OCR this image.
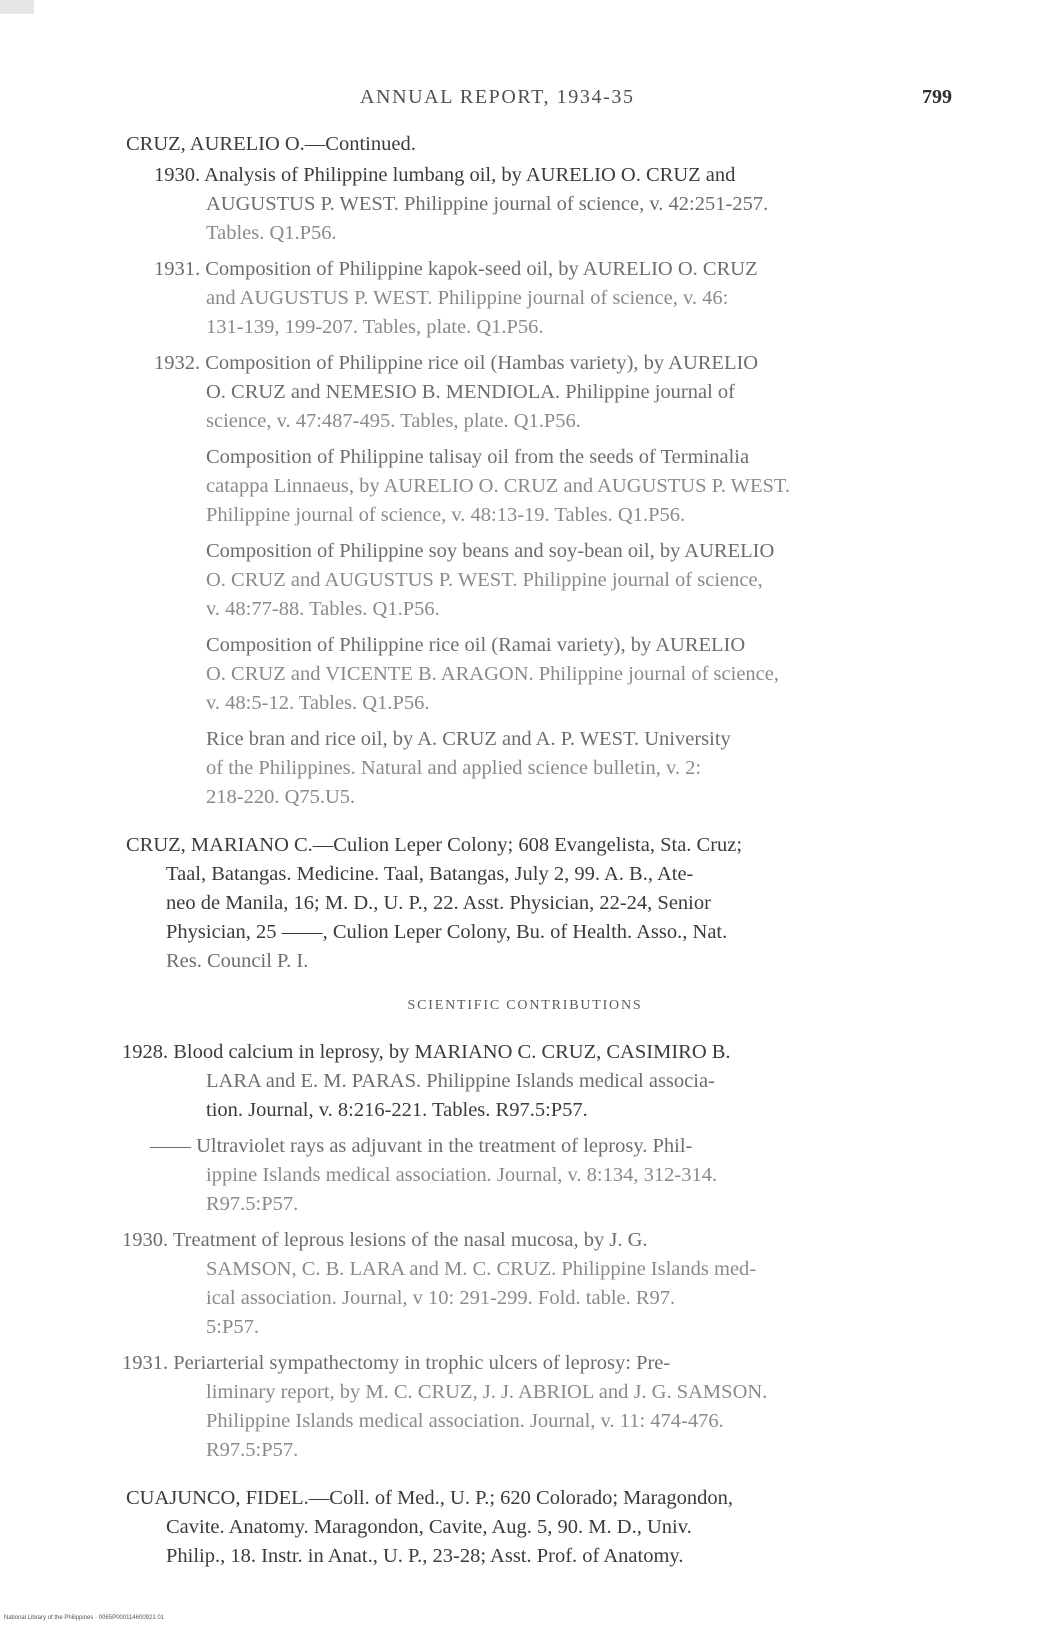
ANNUAL REPORT, 1934-35	799
CRUZ, AURELIO O.—Continued.
1930. Analysis of Philippine lumbang oil, by AURELIO O. CRUZ and
AUGUSTUS P. WEST. Philippine journal of science, v. 42:251-257.
Tables. Q1.P56.
1931. Composition of Philippine kapok-seed oil, by AURELIO O. CRUZ
and AUGUSTUS P. WEST. Philippine journal of science, v. 46:
131-139, 199-207. Tables, plate. Q1.P56.
1932. Composition of Philippine rice oil (Hambas variety), by AURELIO
O. CRUZ and NEMESIO B. MENDIOLA. Philippine journal of
science, v. 47:487-495. Tables, plate. Q1.P56.
Composition of Philippine talisay oil from the seeds of Terminalia
catappa Linnaeus, by AURELIO O. CRUZ and AUGUSTUS P. WEST.
Philippine journal of science, v. 48:13-19. Tables. Q1.P56.
Composition of Philippine soy beans and soy-bean oil, by AURELIO
O. CRUZ and AUGUSTUS P. WEST. Philippine journal of science,
v. 48:77-88. Tables. Q1.P56.
Composition of Philippine rice oil (Ramai variety), by AURELIO
O. CRUZ and VICENTE B. ARAGON. Philippine journal of science,
v. 48:5-12. Tables. Q1.P56.
Rice bran and rice oil, by A. CRUZ and A. P. WEST. University
of the Philippines. Natural and applied science bulletin, v. 2:
218-220. Q75.U5.
CRUZ, MARIANO C.—Culion Leper Colony; 608 Evangelista, Sta. Cruz;
Taal, Batangas. Medicine. Taal, Batangas, July 2, 99. A. B., Ate-
neo de Manila, 16; M. D., U. P., 22. Asst. Physician, 22-24, Senior
Physician, 25 ——, Culion Leper Colony, Bu. of Health. Asso., Nat.
Res. Council P. I.
SCIENTIFIC CONTRIBUTIONS
1928. Blood calcium in leprosy, by MARIANO C. CRUZ, CASIMIRO B.
LARA and E. M. PARAS. Philippine Islands medical associa-
tion. Journal, v. 8:216-221. Tables. R97.5:P57.
—— Ultraviolet rays as adjuvant in the treatment of leprosy. Phil-
ippine Islands medical association. Journal, v. 8:134, 312-314.
R97.5:P57.
1930. Treatment of leprous lesions of the nasal mucosa, by J. G.
SAMSON, C. B. LARA and M. C. CRUZ. Philippine Islands med-
ical association. Journal, v 10: 291-299. Fold. table. R97.
5:P57.
1931. Periarterial sympathectomy in trophic ulcers of leprosy: Pre-
liminary report, by M. C. CRUZ, J. J. ABRIOL and J. G. SAMSON.
Philippine Islands medical association. Journal, v. 11: 474-476.
R97.5:P57.
CUAJUNCO, FIDEL.—Coll. of Med., U. P.; 620 Colorado; Maragondon,
Cavite. Anatomy. Maragondon, Cavite, Aug. 5, 90. M. D., Univ.
Philip., 18. Instr. in Anat., U. P., 23-28; Asst. Prof. of Anatomy.
National Library of the Philippines · 0065P000114600921 01
